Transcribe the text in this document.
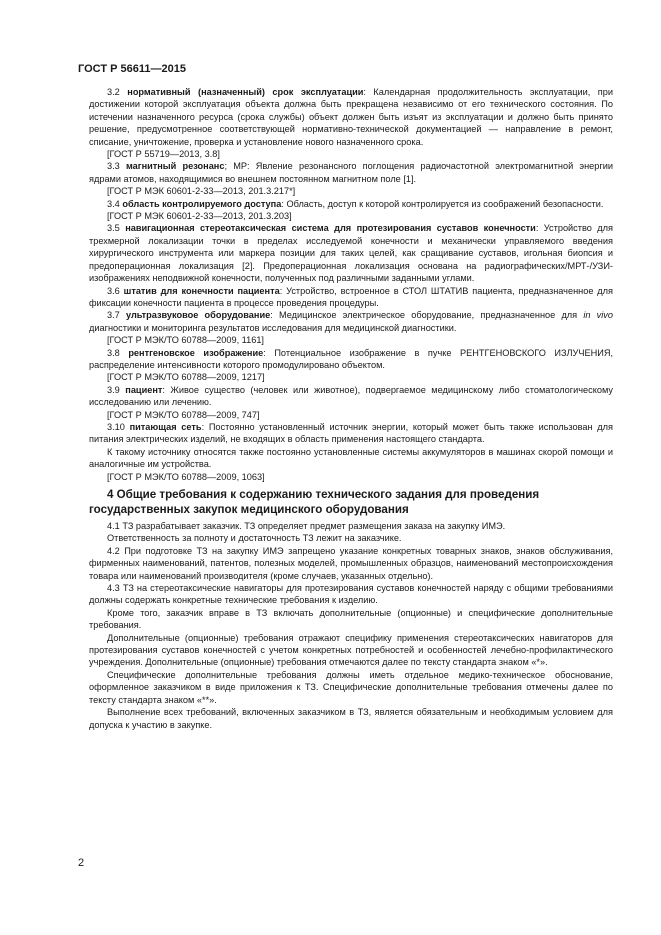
ГОСТ Р 56611—2015

3.2 нормативный (назначенный) срок эксплуатации: Календарная продолжительность эксплуатации, при достижении которой эксплуатация объекта должна быть прекращена независимо от его технического состояния. По истечении назначенного ресурса (срока службы) объект должен быть изъят из эксплуатации и должно быть принято решение, предусмотренное соответствующей нормативно-технической документацией — направление в ремонт, списание, уничтожение, проверка и установление нового назначенного срока.

[ГОСТ Р 55719—2013, 3.8]

3.3 магнитный резонанс; MP: Явление резонансного поглощения радиочастотной электромагнитной энергии ядрами атомов, находящимися во внешнем постоянном магнитном поле [1].

[ГОСТ Р МЭК 60601-2-33—2013, 201.3.217*]

3.4 область контролируемого доступа: Область, доступ к которой контролируется из соображений безопасности.

[ГОСТ Р МЭК 60601-2-33—2013, 201.3.203]

3.5 навигационная стереотаксическая система для протезирования суставов конечности: Устройство для трехмерной локализации точки в пределах исследуемой конечности и механически управляемого введения хирургического инструмента или маркера позиции для таких целей, как сращивание суставов, игольная биопсия и предоперационная локализация [2]. Предоперационная локализация основана на радиографических/МРТ-/УЗИ-изображениях неподвижной конечности, полученных под различными заданными углами.

3.6 штатив для конечности пациента: Устройство, встроенное в СТОЛ ШТАТИВ пациента, предназначенное для фиксации конечности пациента в процессе проведения процедуры.

3.7 ультразвуковое оборудование: Медицинское электрическое оборудование, предназначенное для in vivo диагностики и мониторинга результатов исследования для медицинской диагностики.

[ГОСТ Р МЭК/ТО 60788—2009, 1161]

3.8 рентгеновское изображение: Потенциальное изображение в пучке РЕНТГЕНОВСКОГО ИЗЛУЧЕНИЯ, распределение интенсивности которого промодулировано объектом.

[ГОСТ Р МЭК/ТО 60788—2009, 1217]

3.9 пациент: Живое существо (человек или животное), подвергаемое медицинскому либо стоматологическому исследованию или лечению.

[ГОСТ Р МЭК/ТО 60788—2009, 747]

3.10 питающая сеть: Постоянно установленный источник энергии, который может быть также использован для питания электрических изделий, не входящих в область применения настоящего стандарта.

К такому источнику относятся также постоянно установленные системы аккумуляторов в машинах скорой помощи и аналогичные им устройства.

[ГОСТ Р МЭК/ТО 60788—2009, 1063]

4 Общие требования к содержанию технического задания для проведения государственных закупок медицинского оборудования

4.1 ТЗ разрабатывает заказчик. ТЗ определяет предмет размещения заказа на закупку ИМЭ.

Ответственность за полноту и достаточность ТЗ лежит на заказчике.

4.2 При подготовке ТЗ на закупку ИМЭ запрещено указание конкретных товарных знаков, знаков обслуживания, фирменных наименований, патентов, полезных моделей, промышленных образцов, наименований местопроисхождения товара или наименований производителя (кроме случаев, указанных отдельно).

4.3 ТЗ на стереотаксические навигаторы для протезирования суставов конечностей наряду с общими требованиями должны содержать конкретные технические требования к изделию.

Кроме того, заказчик вправе в ТЗ включать дополнительные (опционные) и специфические дополнительные требования.

Дополнительные (опционные) требования отражают специфику применения стереотаксических навигаторов для протезирования суставов конечностей с учетом конкретных потребностей и особенностей лечебно-профилактического учреждения. Дополнительные (опционные) требования отмечаются далее по тексту стандарта знаком «*».

Специфические дополнительные требования должны иметь отдельное медико-техническое обоснование, оформленное заказчиком в виде приложения к ТЗ. Специфические дополнительные требования отмечены далее по тексту стандарта знаком «**».

Выполнение всех требований, включенных заказчиком в ТЗ, является обязательным и необходимым условием для допуска к участию в закупке.

2
